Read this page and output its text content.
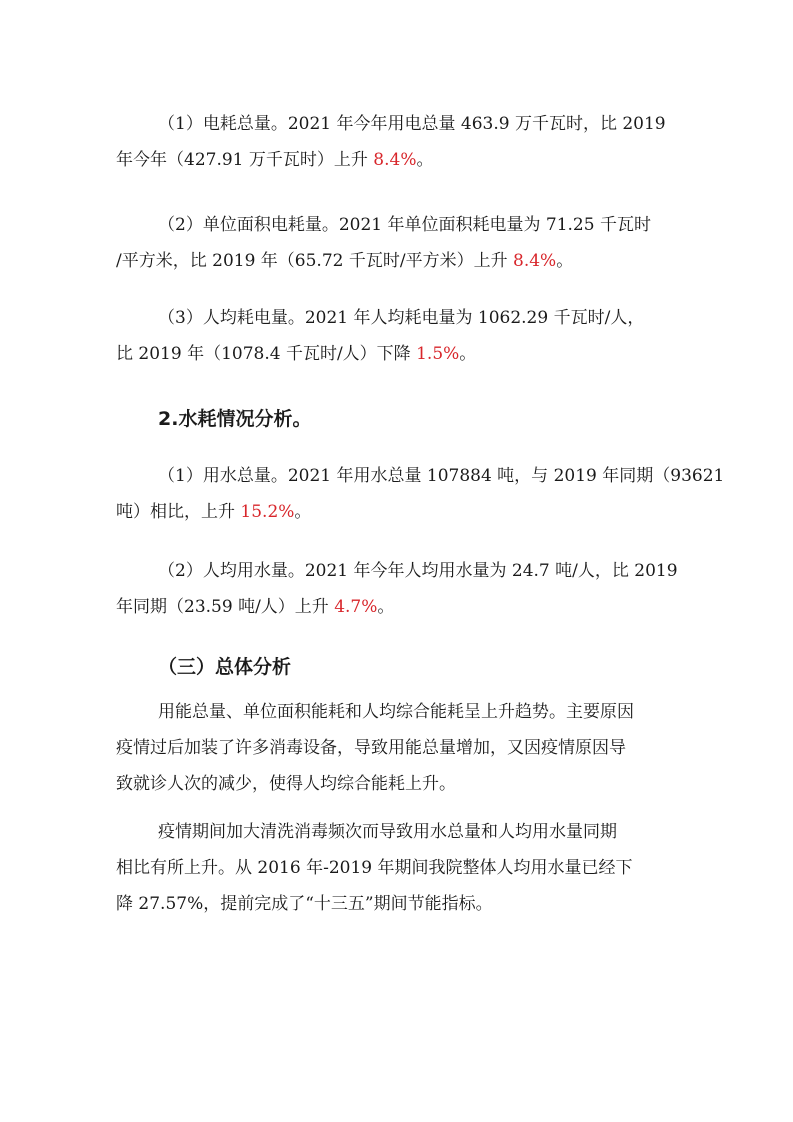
（1）电耗总量。2021 年今年用电总量 463.9 万千瓦时，比 2019
年今年（427.91 万千瓦时）上升 8.4%。

（2）单位面积电耗量。2021 年单位面积耗电量为 71.25 千瓦时
/平方米，比 2019 年（65.72 千瓦时/平方米）上升 8.4%。

（3）人均耗电量。2021 年人均耗电量为 1062.29 千瓦时/人，
比 2019 年（1078.4 千瓦时/人）下降 1.5%。

2.水耗情况分析。

（1）用水总量。2021 年用水总量 107884 吨，与 2019 年同期（93621
吨）相比，上升 15.2%。

（2）人均用水量。2021 年今年人均用水量为 24.7 吨/人，比 2019
年同期（23.59 吨/人）上升 4.7%。

（三）总体分析

用能总量、单位面积能耗和人均综合能耗呈上升趋势。主要原因
疫情过后加装了许多消毒设备，导致用能总量增加，又因疫情原因导
致就诊人次的减少，使得人均综合能耗上升。

疫情期间加大清洗消毒频次而导致用水总量和人均用水量同期
相比有所上升。从 2016 年-2019 年期间我院整体人均用水量已经下
降 27.57%，提前完成了“十三五”期间节能指标。
